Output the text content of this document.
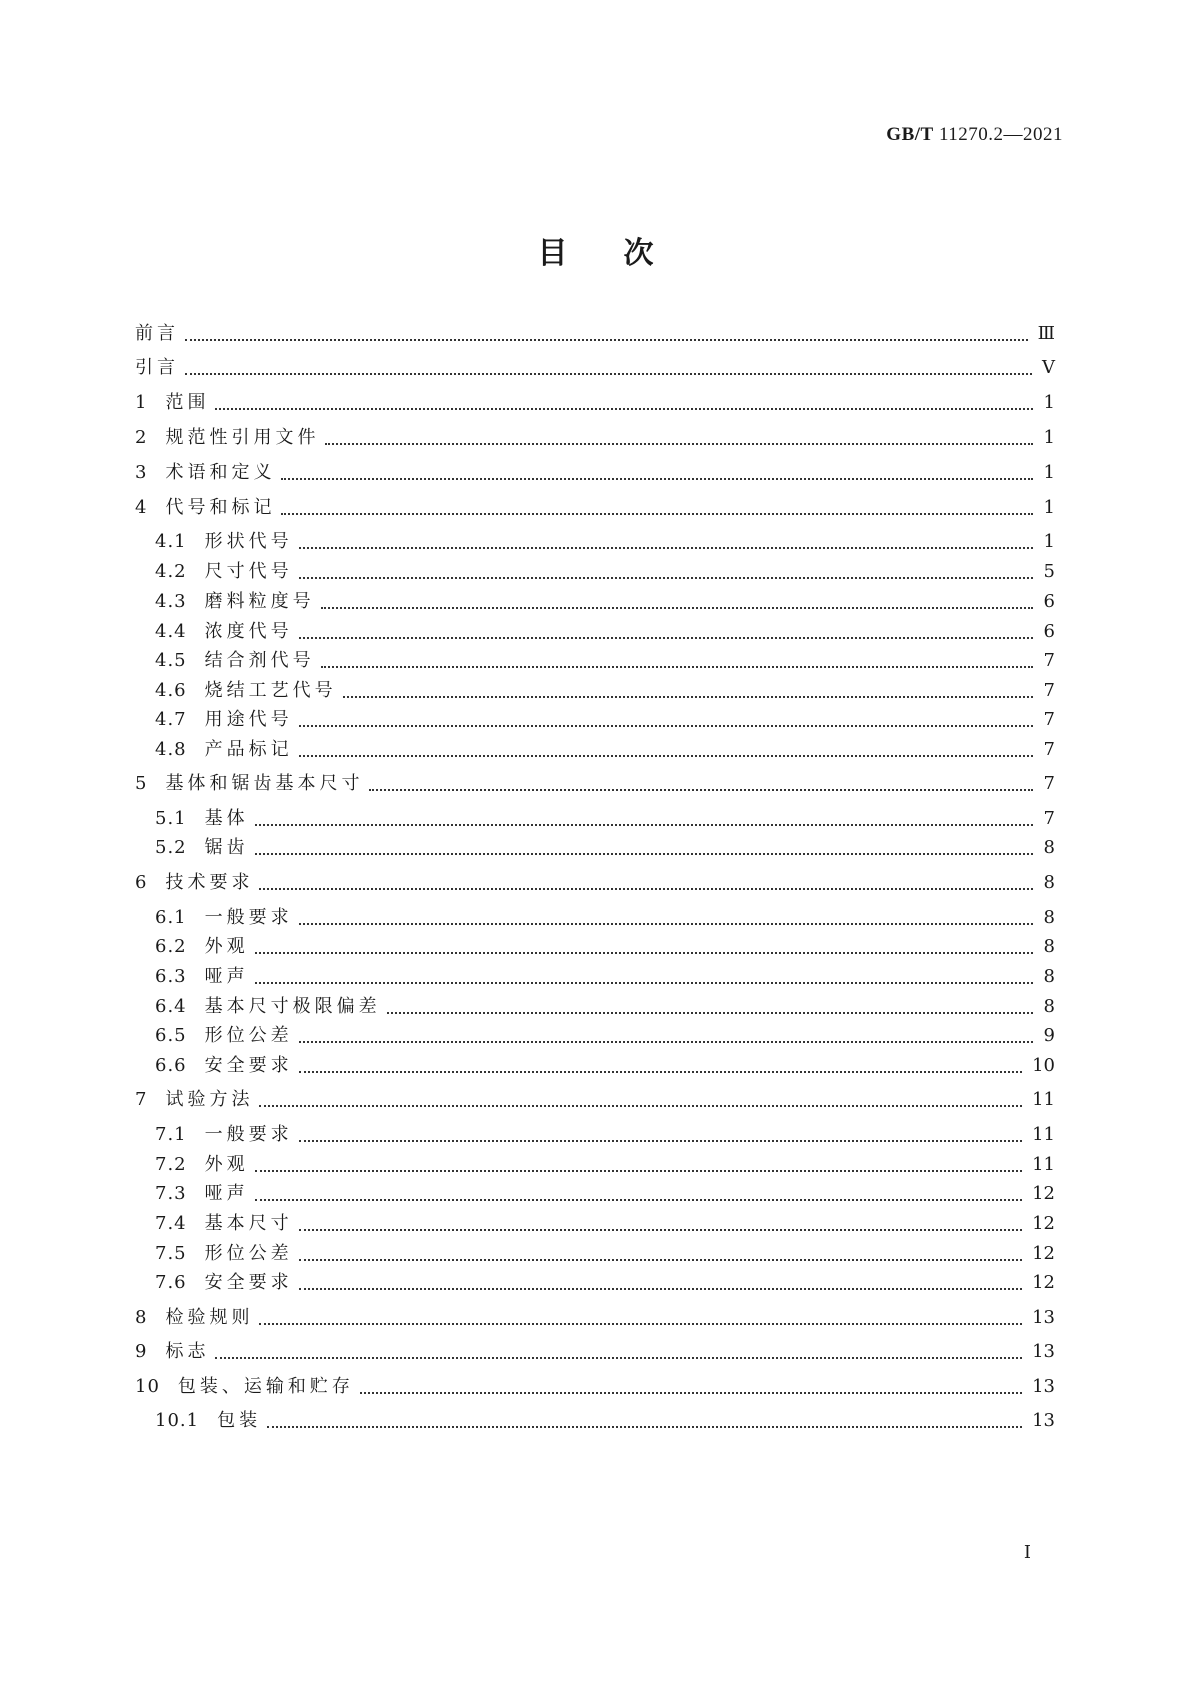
GB/T 11270.2—2021
目次
前言	Ⅲ
引言	Ⅴ
1	范围	1
2	规范性引用文件	1
3	术语和定义	1
4	代号和标记	1
4.1	形状代号	1
4.2	尺寸代号	5
4.3	磨料粒度号	6
4.4	浓度代号	6
4.5	结合剂代号	7
4.6	烧结工艺代号	7
4.7	用途代号	7
4.8	产品标记	7
5	基体和锯齿基本尺寸	7
5.1	基体	7
5.2	锯齿	8
6	技术要求	8
6.1	一般要求	8
6.2	外观	8
6.3	哑声	8
6.4	基本尺寸极限偏差	8
6.5	形位公差	9
6.6	安全要求	10
7	试验方法	11
7.1	一般要求	11
7.2	外观	11
7.3	哑声	12
7.4	基本尺寸	12
7.5	形位公差	12
7.6	安全要求	12
8	检验规则	13
9	标志	13
10	包装、运输和贮存	13
10.1	包装	13
I
